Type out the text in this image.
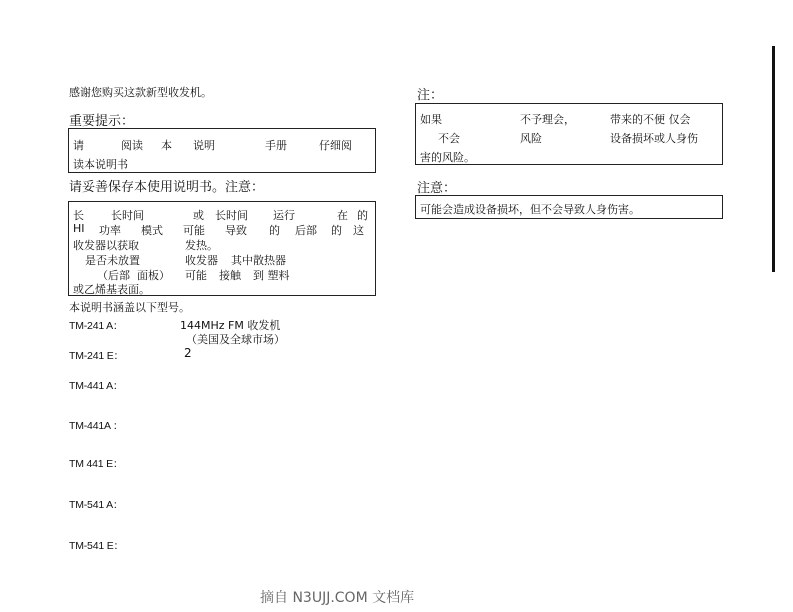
感谢您购买这款新型收发机。
重要提示：
请	阅读 本 说明	手册	仔细阅
读本说明书
请妥善保存本使用说明书。注意：
长 长时间	或 长时间 运行	在 的
HI 功率 模式 可能 导致 的 后部 的 这
收发器以获取	发热。
是否未放置	收发器 其中散热器
（后部 面板） 可能 接触 到 塑料
或乙烯基表面。
本说明书涵盖以下型号。
TM-241 A：	144MHz FM 收发机
（美国及全球市场）
TM-241 E：	2
TM-441 A：
TM-441A ：
TM 441 E：
TM-541 A：
TM-541 E：
注：
如果	不予理会，	带来的不便 仅会
不会	风险	设备损坏或人身伤
害的风险。
注意：
可能会造成设备损坏，但不会导致人身伤害。
摘自 N3UJJ.COM 文档库
